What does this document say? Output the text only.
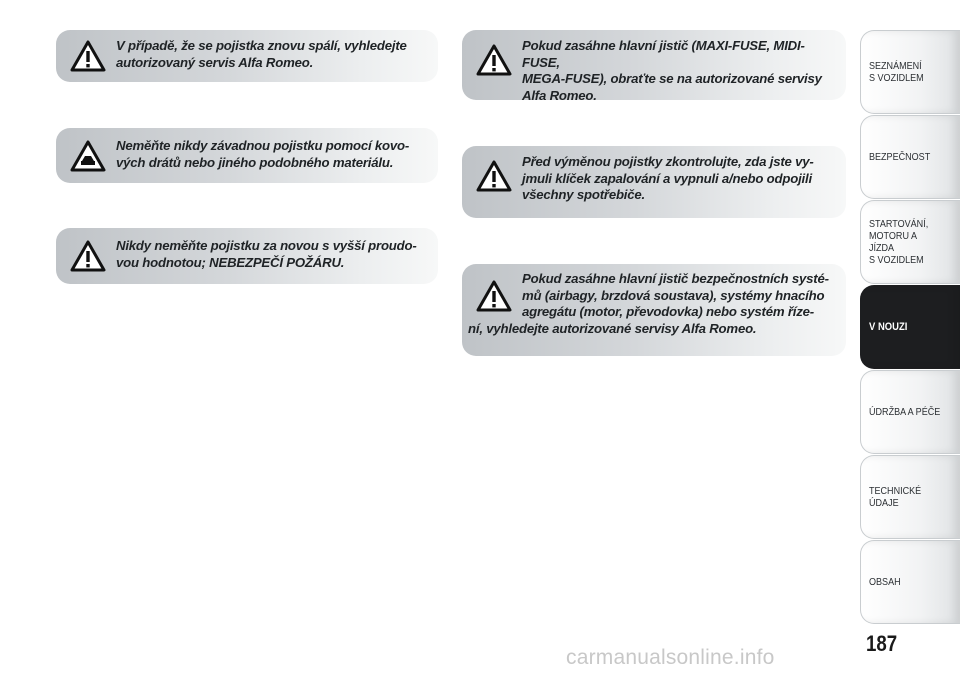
V případě, že se pojistka znovu spálí, vyhledejte
autorizovaný servis Alfa Romeo.
Neměňte nikdy závadnou pojistku pomocí kovo-
vých drátů nebo jiného podobného materiálu.
Nikdy neměňte pojistku za novou s vyšší proudo-
vou hodnotou; NEBEZPEČÍ POŽÁRU.
Pokud zasáhne hlavní jistič (MAXI-FUSE, MIDI-FUSE,
MEGA-FUSE), obraťte se na autorizované servisy
Alfa Romeo.
Před výměnou pojistky zkontrolujte, zda jste vy-
jmuli klíček zapalování a vypnuli a/nebo odpojili
všechny spotřebiče.
Pokud zasáhne hlavní jistič bezpečnostních systé-
mů (airbagy, brzdová soustava), systémy hnacího
agregátu (motor, převodovka) nebo systém říze-
ní, vyhledejte autorizované servisy Alfa Romeo.
SEZNÁMENÍ
S VOZIDLEM
BEZPEČNOST
STARTOVÁNÍ,
MOTORU A JÍZDA
S VOZIDLEM
V NOUZI
ÚDRŽBA A PÉČE
TECHNICKÉ
ÚDAJE
OBSAH
187
carmanualsonline.info
